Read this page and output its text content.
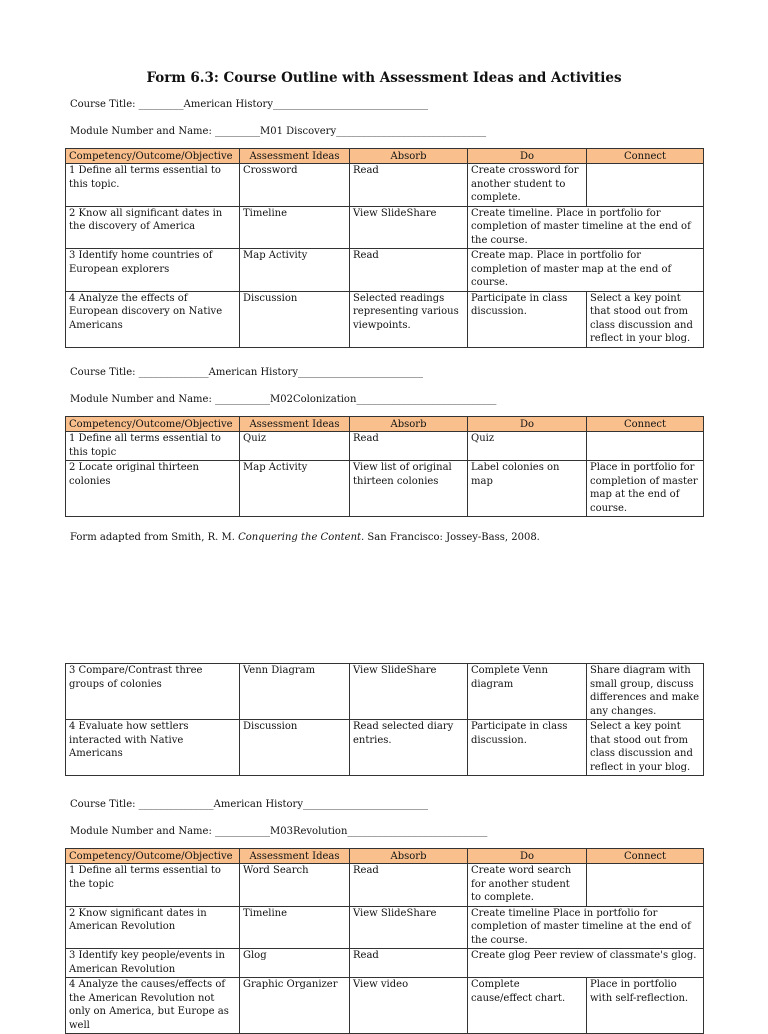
Form 6.3: Course Outline with Assessment Ideas and Activities
Course Title: _________American History_______________________________
Module Number and Name: _________M01 Discovery______________________________
Competency/Outcome/Objective	Assessment Ideas	Absorb	Do	Connect
1 Define all terms essential to this topic.	Crossword	Read	Create crossword for another student to complete.	
2 Know all significant dates in the discovery of America	Timeline	View SlideShare	Create timeline. Place in portfolio for completion of master timeline at the end of the course.	
3 Identify home countries of European explorers	Map Activity	Read	Create map. Place in portfolio for completion of master map at the end of course.	
4 Analyze the effects of European discovery on Native Americans	Discussion	Selected readings representing various viewpoints.	Participate in class discussion.	Select a key point that stood out from class discussion and reflect in your blog.
Course Title: ______________American History_________________________
Module Number and Name: ___________M02Colonization____________________________
Competency/Outcome/Objective	Assessment Ideas	Absorb	Do	Connect
1 Define all terms essential to this topic	Quiz	Read	Quiz	
2 Locate original thirteen colonies	Map Activity	View list of original thirteen colonies	Label colonies on map	Place in portfolio for completion of master map at the end of course.
Form adapted from Smith, R. M. Conquering the Content. San Francisco: Jossey-Bass, 2008.
3 Compare/Contrast three groups of colonies	Venn Diagram	View SlideShare	Complete Venn diagram	Share diagram with small group, discuss differences and make any changes.
4 Evaluate how settlers interacted with Native Americans	Discussion	Read selected diary entries.	Participate in class discussion.	Select a key point that stood out from class discussion and reflect in your blog.
Course Title: _______________American History_________________________
Module Number and Name: ___________M03Revolution____________________________
Competency/Outcome/Objective	Assessment Ideas	Absorb	Do	Connect
1 Define all terms essential to the topic	Word Search	Read	Create word search for another student to complete.	
2 Know significant dates in American Revolution	Timeline	View SlideShare	Create timeline Place in portfolio for completion of master timeline at the end of the course.	
3 Identify key people/events in American Revolution	Glog	Read	Create glog Peer review of classmate's glog.	
4 Analyze the causes/effects of the American Revolution not only on America, but Europe as well	Graphic Organizer	View video	Complete cause/effect chart.	Place in portfolio with self-reflection.
